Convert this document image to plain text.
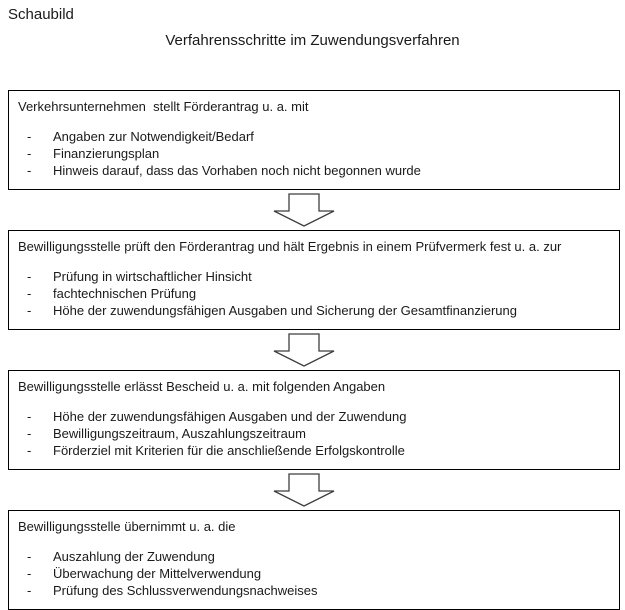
Schaubild
Verfahrensschritte im Zuwendungsverfahren
Verkehrsunternehmen  stellt Förderantrag u. a. mit
-	Angaben zur Notwendigkeit/Bedarf
-	Finanzierungsplan
-	Hinweis darauf, dass das Vorhaben noch nicht begonnen wurde
Bewilligungsstelle prüft den Förderantrag und hält Ergebnis in einem Prüfvermerk fest u. a. zur
-	Prüfung in wirtschaftlicher Hinsicht
-	fachtechnischen Prüfung
-	Höhe der zuwendungsfähigen Ausgaben und Sicherung der Gesamtfinanzierung
Bewilligungsstelle erlässt Bescheid u. a. mit folgenden Angaben
-	Höhe der zuwendungsfähigen Ausgaben und der Zuwendung
-	Bewilligungszeitraum, Auszahlungszeitraum
-	Förderziel mit Kriterien für die anschließende Erfolgskontrolle
Bewilligungsstelle übernimmt u. a. die
-	Auszahlung der Zuwendung
-	Überwachung der Mittelverwendung
-	Prüfung des Schlussverwendungsnachweises
